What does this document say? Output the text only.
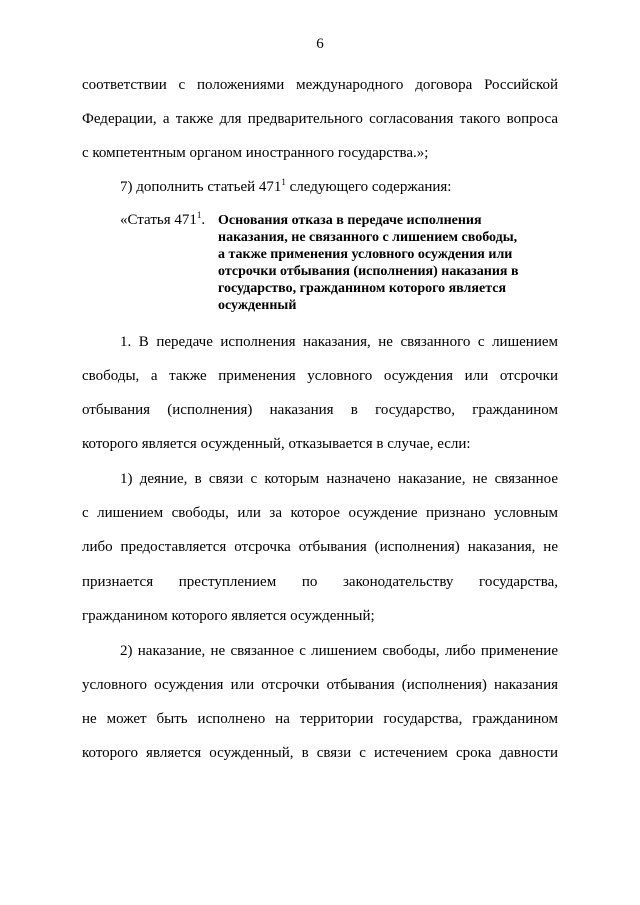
6
соответствии с положениями международного договора Российской
Федерации, а также для предварительного согласования такого вопроса
с компетентным органом иностранного государства.»;
7) дополнить статьей $471^1$ следующего содержания:
«Статья $471^1$. Основания отказа в передаче исполнения
наказания, не связанного с лишением свободы,
а также применения условного осуждения или
отсрочки отбывания (исполнения) наказания в
государство, гражданином которого является
осужденный
1. В передаче исполнения наказания, не связанного с лишением
свободы, а также применения условного осуждения или отсрочки
отбывания (исполнения) наказания в государство, гражданином
которого является осужденный, отказывается в случае, если:
1) деяние, в связи с которым назначено наказание, не связанное
с лишением свободы, или за которое осуждение признано условным
либо предоставляется отсрочка отбывания (исполнения) наказания, не
признается преступлением по законодательству государства,
гражданином которого является осужденный;
2) наказание, не связанное с лишением свободы, либо применение
условного осуждения или отсрочки отбывания (исполнения) наказания
не может быть исполнено на территории государства, гражданином
которого является осужденный, в связи с истечением срока давности
